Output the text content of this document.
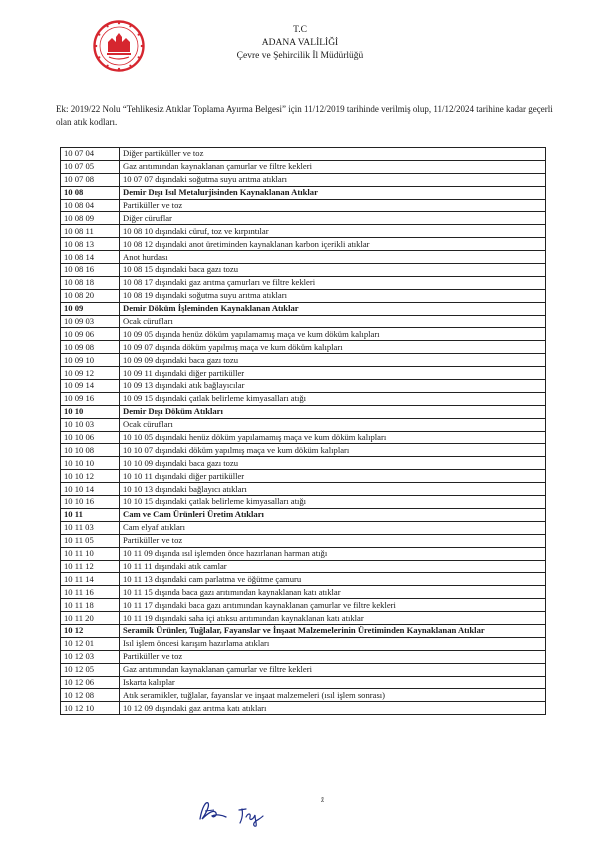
T.C
ADANA VALİLİĞİ
Çevre ve Şehircilik İl Müdürlüğü
Ek: 2019/22 Nolu “Tehlikesiz Atıklar Toplama Ayırma Belgesi” için 11/12/2019 tarihinde verilmiş olup, 11/12/2024 tarihine kadar geçerli olan atık kodları.
10 07 04	Diğer partiküller ve toz
10 07 05	Gaz arıtımından kaynaklanan çamurlar ve filtre kekleri
10 07 08	10 07 07 dışındaki soğutma suyu arıtma atıkları
10 08	Demir Dışı Isıl Metalurjisinden Kaynaklanan Atıklar
10 08 04	Partiküller ve toz
10 08 09	Diğer cüruflar
10 08 11	10 08 10 dışındaki cüruf, toz ve kırpıntılar
10 08 13	10 08 12 dışındaki anot üretiminden kaynaklanan karbon içerikli atıklar
10 08 14	Anot hurdası
10 08 16	10 08 15 dışındaki baca gazı tozu
10 08 18	10 08 17 dışındaki gaz arıtma çamurları ve filtre kekleri
10 08 20	10 08 19 dışındaki soğutma suyu arıtma atıkları
10 09	Demir Döküm İşleminden Kaynaklanan Atıklar
10 09 03	Ocak cürufları
10 09 06	10 09 05 dışında henüz döküm yapılamamış maça ve kum döküm kalıpları
10 09 08	10 09 07 dışında döküm yapılmış maça ve kum döküm kalıpları
10 09 10	10 09 09 dışındaki baca gazı tozu
10 09 12	10 09 11 dışındaki diğer partiküller
10 09 14	10 09 13 dışındaki atık bağlayıcılar
10 09 16	10 09 15 dışındaki çatlak belirleme kimyasalları atığı
10 10	Demir Dışı Döküm Atıkları
10 10 03	Ocak cürufları
10 10 06	10 10 05 dışındaki henüz döküm yapılamamış maça ve kum döküm kalıpları
10 10 08	10 10 07 dışındaki döküm yapılmış maça ve kum döküm kalıpları
10 10 10	10 10 09 dışındaki baca gazı tozu
10 10 12	10 10 11 dışındaki diğer partiküller
10 10 14	10 10 13 dışındaki bağlayıcı atıkları
10 10 16	10 10 15 dışındaki çatlak belirleme kimyasalları atığı
10 11	Cam ve Cam Ürünleri Üretim Atıkları
10 11 03	Cam elyaf atıkları
10 11 05	Partiküller ve toz
10 11 10	10 11 09 dışında ısıl işlemden önce hazırlanan harman atığı
10 11 12	10 11 11 dışındaki atık camlar
10 11 14	10 11 13 dışındaki cam parlatma ve öğütme çamuru
10 11 16	10 11 15 dışında baca gazı arıtımından kaynaklanan katı atıklar
10 11 18	10 11 17 dışındaki baca gazı arıtımından kaynaklanan çamurlar ve filtre kekleri
10 11 20	10 11 19 dışındaki saha içi atıksu arıtımından kaynaklanan katı atıklar
10 12	Seramik Ürünler, Tuğlalar, Fayanslar ve İnşaat Malzemelerinin Üretiminden Kaynaklanan Atıklar
10 12 01	Isıl işlem öncesi karışım hazırlama atıkları
10 12 03	Partiküller ve toz
10 12 05	Gaz arıtımından kaynaklanan çamurlar ve filtre kekleri
10 12 06	Iskarta kalıplar
10 12 08	Atık seramikler, tuğlalar, fayanslar ve inşaat malzemeleri (ısıl işlem sonrası)
10 12 10	10 12 09 dışındaki gaz arıtma katı atıkları
ž
